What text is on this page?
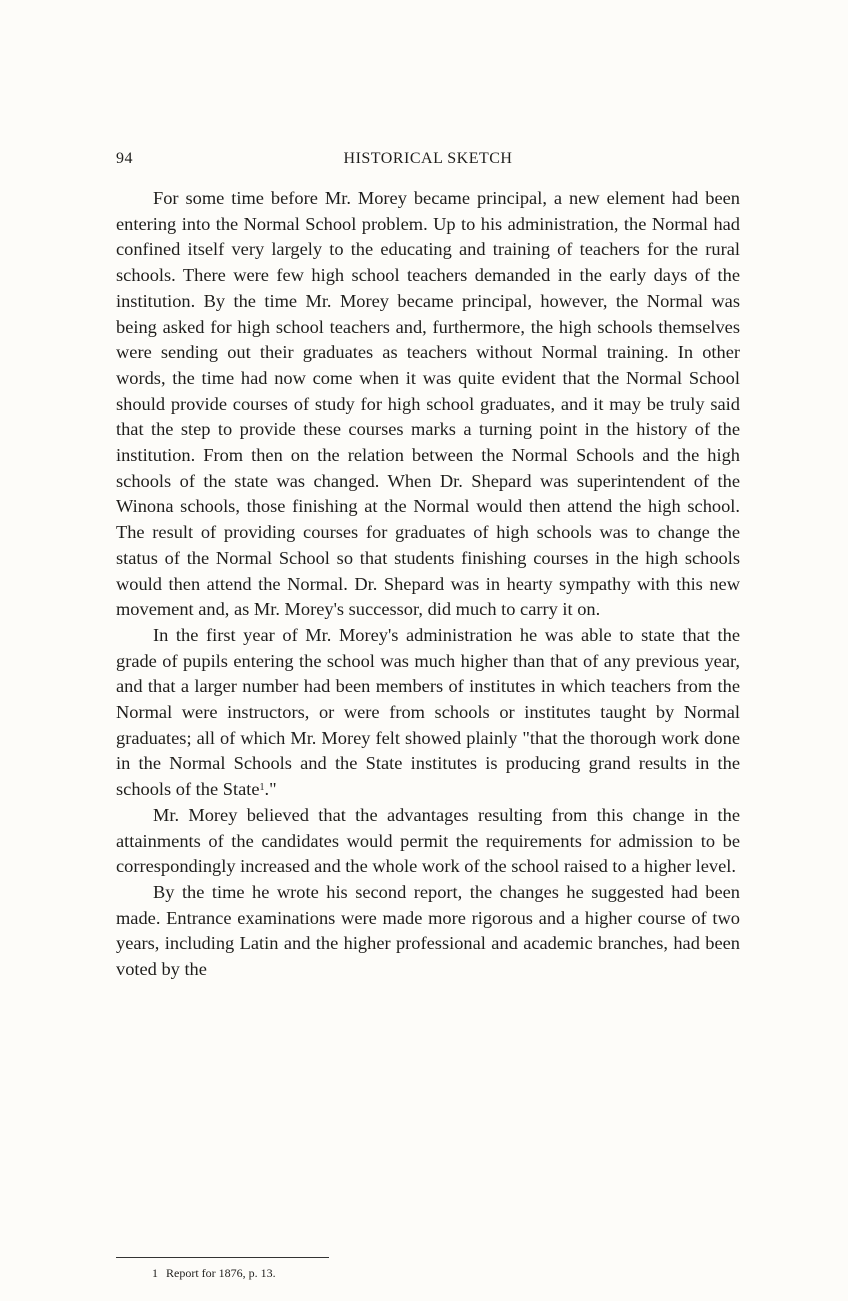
94	HISTORICAL SKETCH

For some time before Mr. Morey became principal, a new element had been entering into the Normal School problem. Up to his administration, the Normal had confined itself very largely to the educating and training of teachers for the rural schools. There were few high school teachers demanded in the early days of the institution. By the time Mr. Morey became principal, however, the Normal was being asked for high school teachers and, furthermore, the high schools themselves were sending out their graduates as teachers without Normal training. In other words, the time had now come when it was quite evident that the Normal School should provide courses of study for high school graduates, and it may be truly said that the step to provide these courses marks a turning point in the history of the institution. From then on the relation between the Normal Schools and the high schools of the state was changed. When Dr. Shepard was superintendent of the Winona schools, those finishing at the Normal would then attend the high school. The result of providing courses for graduates of high schools was to change the status of the Normal School so that students finishing courses in the high schools would then attend the Normal. Dr. Shepard was in hearty sympathy with this new movement and, as Mr. Morey's successor, did much to carry it on.

In the first year of Mr. Morey's administration he was able to state that the grade of pupils entering the school was much higher than that of any previous year, and that a larger number had been members of institutes in which teachers from the Normal were instructors, or were from schools or institutes taught by Normal graduates; all of which Mr. Morey felt showed plainly "that the thorough work done in the Normal Schools and the State institutes is producing grand results in the schools of the State$^1$."

Mr. Morey believed that the advantages resulting from this change in the attainments of the candidates would permit the requirements for admission to be correspondingly increased and the whole work of the school raised to a higher level.

By the time he wrote his second report, the changes he suggested had been made. Entrance examinations were made more rigorous and a higher course of two years, including Latin and the higher professional and academic branches, had been voted by the

1 Report for 1876, p. 13.
